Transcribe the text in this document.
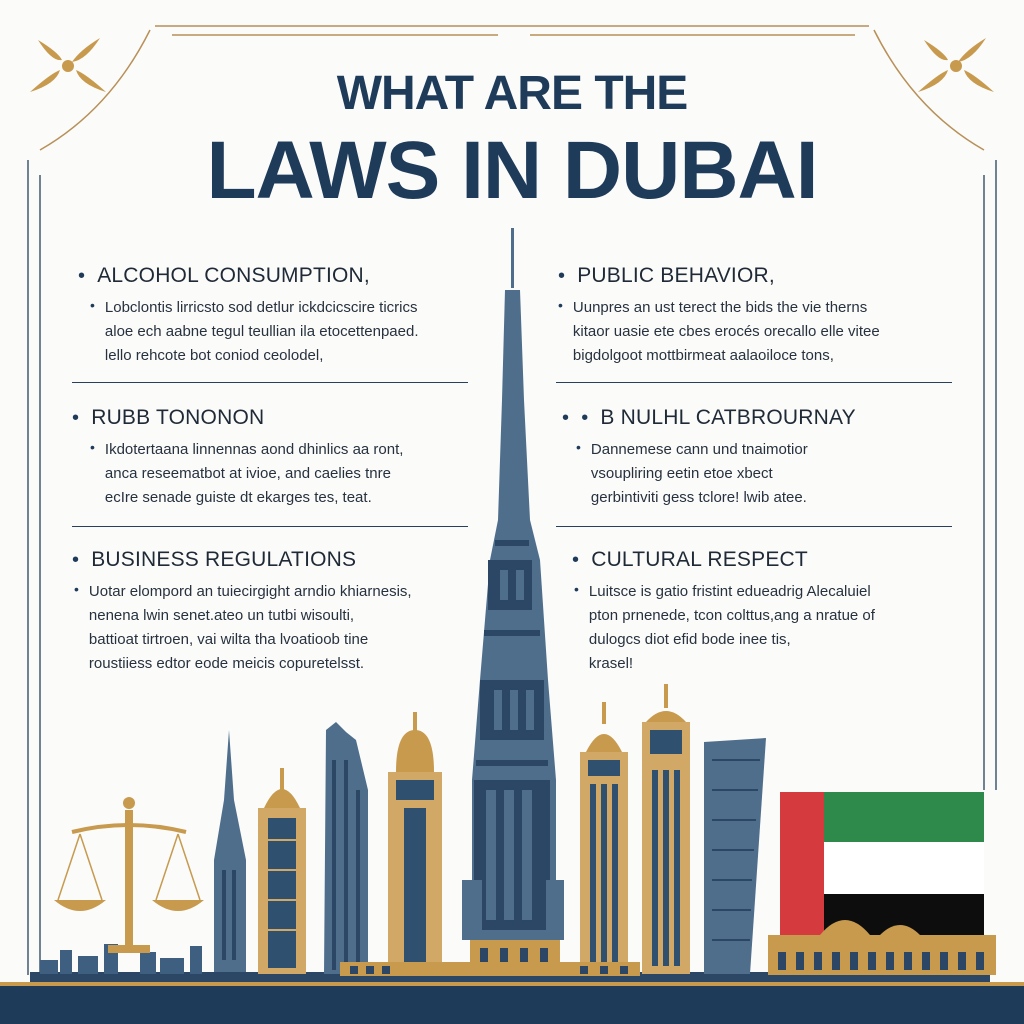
WHAT ARE THE
LAWS IN DUBAI
• ALCOHOL CONSUMPTION,
• Lobclontis lirricsto sod detlur ickdcicscire ticrics
aloe ech aabne tegul teullian ila etocettenpaed.
lello rehcote bot coniod ceolodel,
• PUBLIC BEHAVIOR,
• Uunpres an ust terect the bids the vie therns
kitaor uasie ete cbes erocés orecallo elle vitee
bigdolgoot mottbirmeat aalaoiloce tons,
• RUBB TONONON
• Ikdotertaana linnennas aond dhinlics aa ront,
anca reseematbot at ivioe, and caelies tnre
ecIre senade guiste dt ekarges tes, teat.
• • B NULHL CATBROURNAY
• Dannemese cann und tnaimotior
vsoupliring eetin etoe xbect
gerbintiviti gess tclore! lwib atee.
• BUSINESS REGULATIONS
• Uotar elompord an tuiecirgight arndio khiarnesis,
nenena lwin senet.ateo un tutbi wisoulti,
battioat tirtroen, vai wilta tha lvoatioob tine
roustiiess edtor eode meicis copuretelsst.
• CULTURAL RESPECT
• Luitsce is gatio fristint edueadrig Alecaluiel
pton prnenede, tcon colttus,ang a nratue of
dulogcs diot efid bode inee tis,
krasel!
